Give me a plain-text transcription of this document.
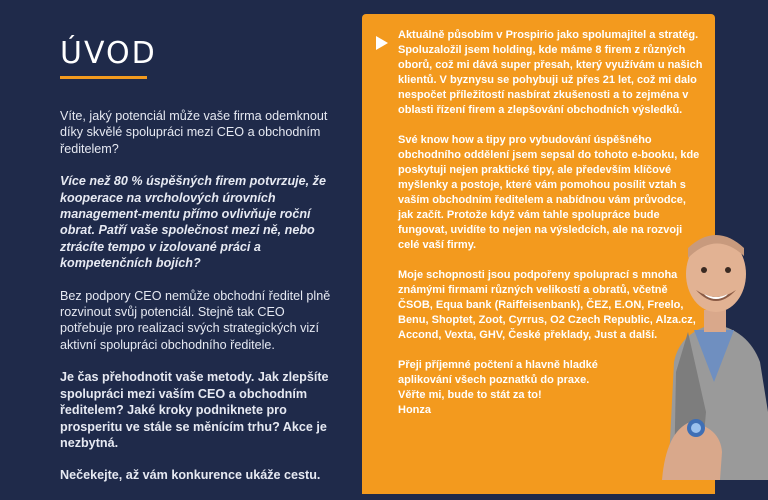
ÚVOD

Víte, jaký potenciál může vaše firma odemknout díky skvělé spolupráci mezi CEO a obchodním ředitelem?

Více než 80 % úspěšných firem potvrzuje, že kooperace na vrcholových úrovních management-mentu přímo ovlivňuje roční obrat. Patří vaše společnost mezi ně, nebo ztrácíte tempo v izolované práci a kompetenčních bojích?

Bez podpory CEO nemůže obchodní ředitel plně rozvinout svůj potenciál. Stejně tak CEO potřebuje pro realizaci svých strategických vizí aktivní spolupráci obchodního ředitele.

Je čas přehodnotit vaše metody. Jak zlepšíte spolupráci mezi vaším CEO a obchodním ředitelem? Jaké kroky podniknete pro prosperitu ve stále se měnícím trhu? Akce je nezbytná.

Nečekejte, až vám konkurence ukáže cestu.

Aktuálně působím v Prospirio jako spolumajitel a stratég. Spoluzaložil jsem holding, kde máme 8 firem z různých oborů, což mi dává super přesah, který využívám u našich klientů. V byznysu se pohybuji už přes 21 let, což mi dalo nespočet příležitostí nasbírat zkušenosti a to zejména v oblasti řízení firem a zlepšování obchodních výsledků.

Své know how a tipy pro vybudování úspěšného obchodního oddělení jsem sepsal do tohoto e-booku, kde poskytuji nejen praktické tipy, ale především klíčové myšlenky a postoje, které vám pomohou posílit vztah s vaším obchodním ředitelem a nabídnou vám průvodce, jak začít. Protože když vám tahle spolupráce bude fungovat, uvidíte to nejen na výsledcích, ale na rozvoji celé vaší firmy.

Moje schopnosti jsou podpořeny spoluprací s mnoha známými firmami různých velikostí a obratů, včetně ČSOB, Equa bank (Raiffeisenbank), ČEZ, E.ON, Freelo, Benu, Shoptet, Zoot, Cyrrus, O2 Czech Republic, Alza.cz, Accond, Vexta, GHV, České překlady, Just a další.

Přeji příjemné počtení a hlavně hladké
aplikování všech poznatků do praxe.
Věřte mi, bude to stát za to!
Honza
